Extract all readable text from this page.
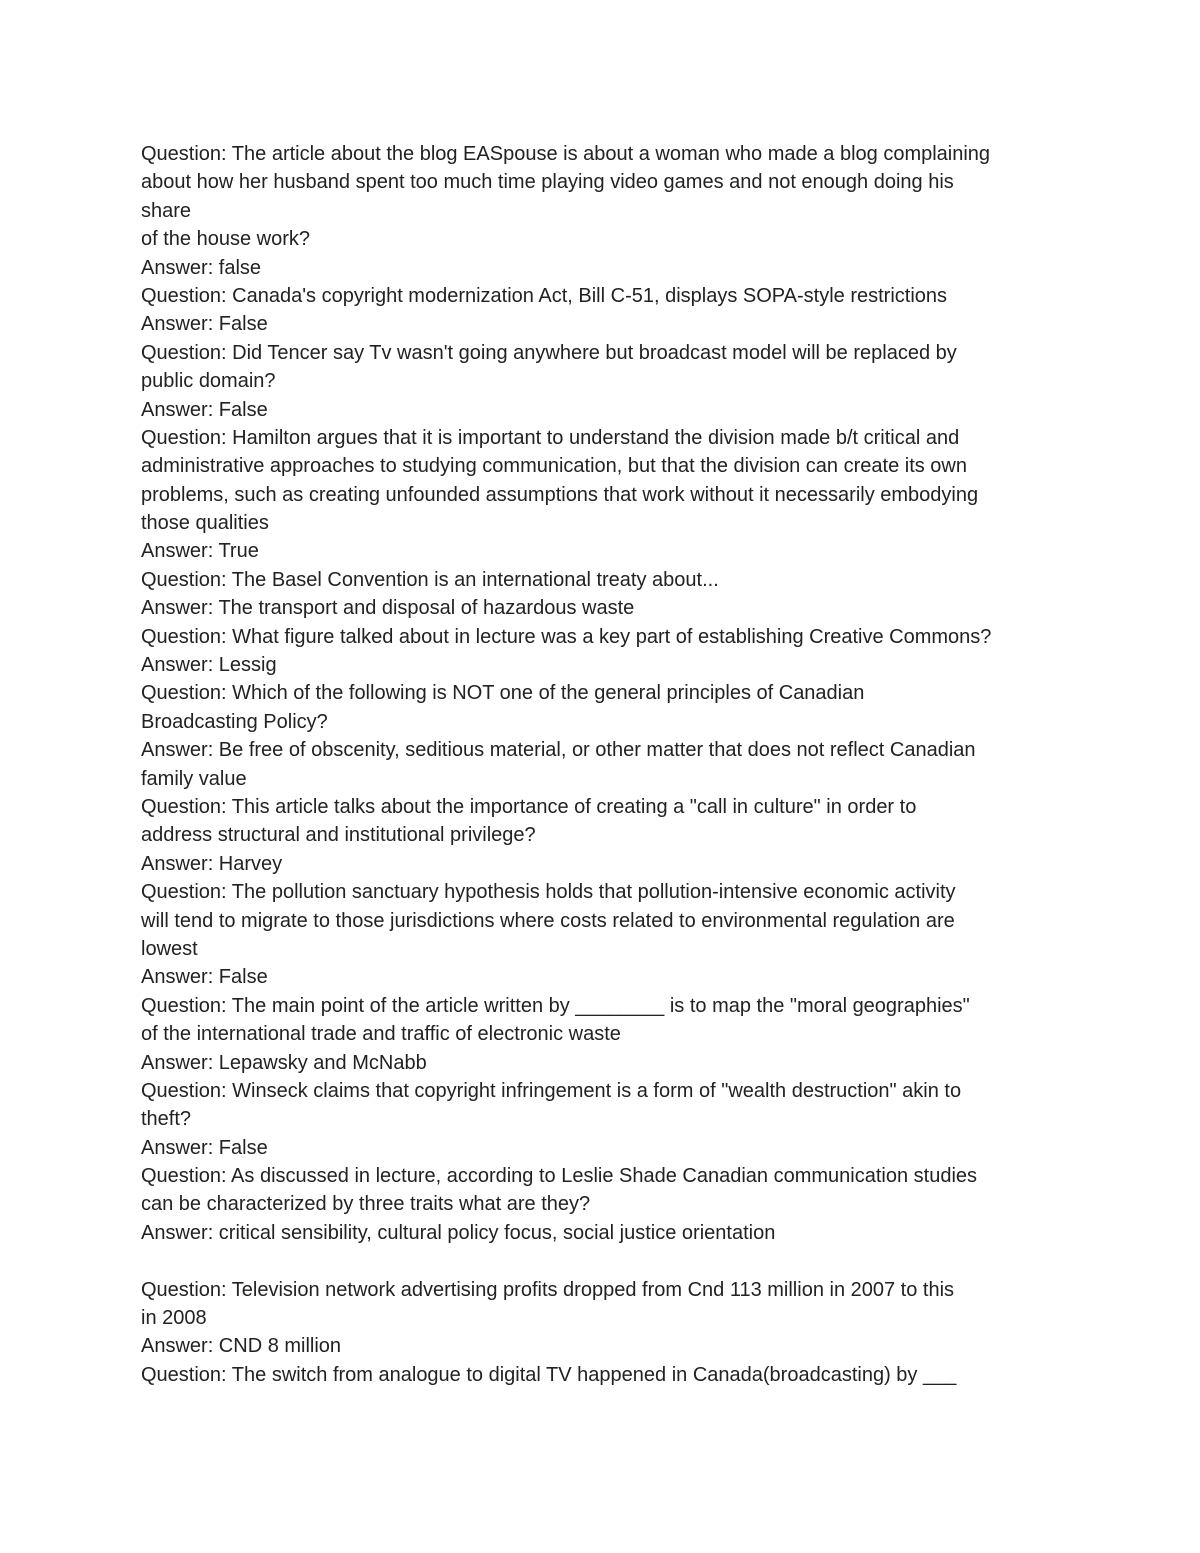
Question: The article about the blog EASpouse is about a woman who made a blog complaining
about how her husband spent too much time playing video games and not enough doing his
share
of the house work?
Answer: false
Question: Canada's copyright modernization Act, Bill C-51, displays SOPA-style restrictions
Answer: False
Question: Did Tencer say Tv wasn't going anywhere but broadcast model will be replaced by
public domain?
Answer: False
Question: Hamilton argues that it is important to understand the division made b/t critical and
administrative approaches to studying communication, but that the division can create its own
problems, such as creating unfounded assumptions that work without it necessarily embodying
those qualities
Answer: True
Question: The Basel Convention is an international treaty about...
Answer: The transport and disposal of hazardous waste
Question: What figure talked about in lecture was a key part of establishing Creative Commons?
Answer: Lessig
Question: Which of the following is NOT one of the general principles of Canadian
Broadcasting Policy?
Answer: Be free of obscenity, seditious material, or other matter that does not reflect Canadian
family value
Question: This article talks about the importance of creating a "call in culture" in order to
address structural and institutional privilege?
Answer: Harvey
Question: The pollution sanctuary hypothesis holds that pollution-intensive economic activity
will tend to migrate to those jurisdictions where costs related to environmental regulation are
lowest
Answer: False
Question: The main point of the article written by ________ is to map the "moral geographies"
of the international trade and traffic of electronic waste
Answer: Lepawsky and McNabb
Question: Winseck claims that copyright infringement is a form of "wealth destruction" akin to
theft?
Answer: False
Question: As discussed in lecture, according to Leslie Shade Canadian communication studies
can be characterized by three traits what are they?
Answer: critical sensibility, cultural policy focus, social justice orientation
Question: Television network advertising profits dropped from Cnd 113 million in 2007 to this
in 2008
Answer: CND 8 million
Question: The switch from analogue to digital TV happened in Canada(broadcasting) by ___
